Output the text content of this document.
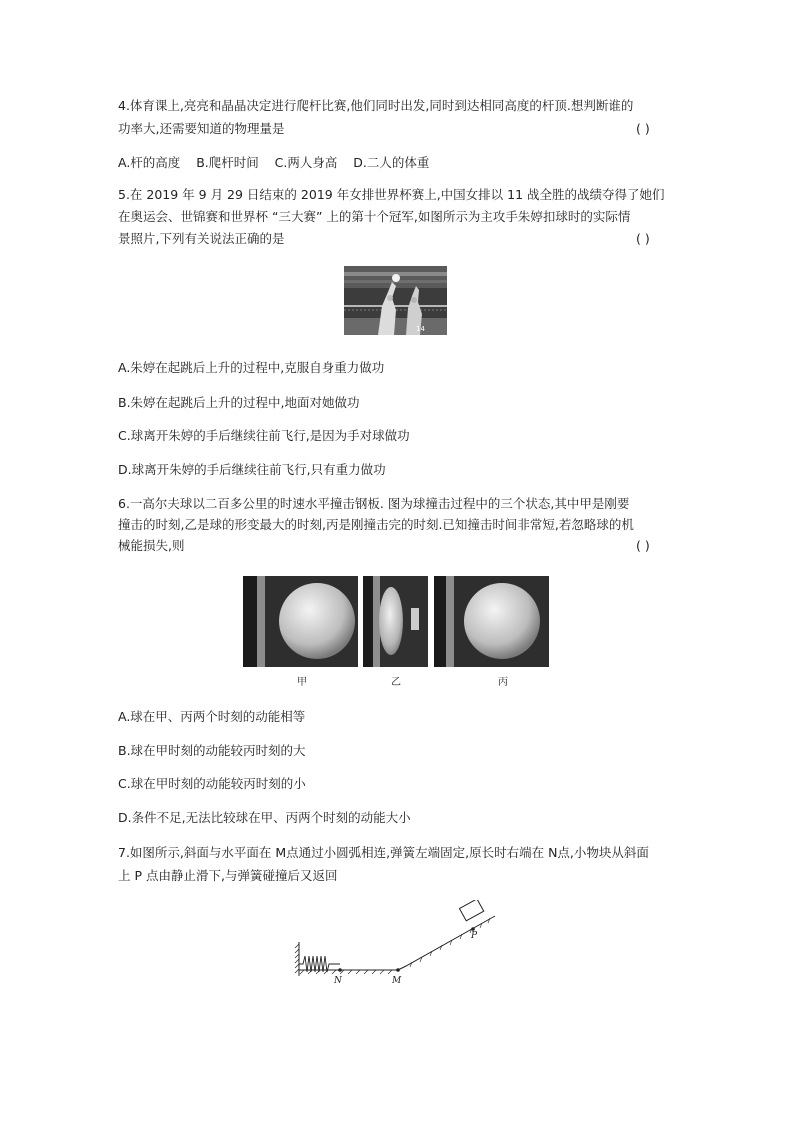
4.体育课上,亮亮和晶晶决定进行爬杆比赛,他们同时出发,同时到达相同高度的杆顶.想判断谁的
功率大,还需要知道的物理量是	( )
A.杆的高度    B.爬杆时间    C.两人身高    D.二人的体重
5.在 2019 年 9 月 29 日结束的 2019 年女排世界杯赛上,中国女排以 11 战全胜的战绩夺得了她们
在奥运会、世锦赛和世界杯 “三大赛” 上的第十个冠军,如图所示为主攻手朱婷扣球时的实际情
景照片,下列有关说法正确的是	( )
14
A.朱婷在起跳后上升的过程中,克服自身重力做功
B.朱婷在起跳后上升的过程中,地面对她做功
C.球离开朱婷的手后继续往前飞行,是因为手对球做功
D.球离开朱婷的手后继续往前飞行,只有重力做功
6.一高尔夫球以二百多公里的时速水平撞击钢板. 图为球撞击过程中的三个状态,其中甲是刚要
撞击的时刻,乙是球的形变最大的时刻,丙是刚撞击完的时刻.已知撞击时间非常短,若忽略球的机
械能损失,则	( )
甲	乙	丙
A.球在甲、丙两个时刻的动能相等
B.球在甲时刻的动能较丙时刻的大
C.球在甲时刻的动能较丙时刻的小
D.条件不足,无法比较球在甲、丙两个时刻的动能大小
7.如图所示,斜面与水平面在 M点通过小圆弧相连,弹簧左端固定,原长时右端在 N点,小物块从斜面
上 P 点由静止滑下,与弹簧碰撞后又返回
N	M
P
